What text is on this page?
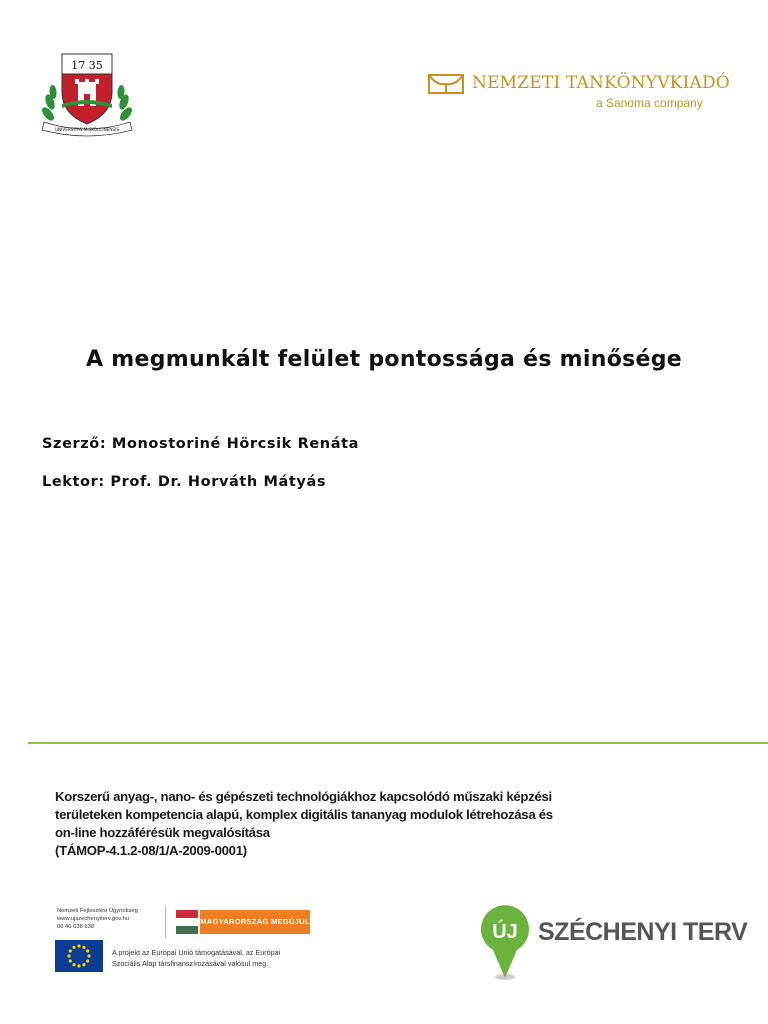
17 35
UNIVERSITAS MISKOLCINENSIS
NEMZETI TANKÖNYVKIADÓ
a Sanoma company
A megmunkált felület pontossága és minősége
Szerző: Monostoriné Hörcsik Renáta
Lektor: Prof. Dr. Horváth Mátyás
Korszerű anyag-, nano- és gépészeti technológiákhoz kapcsolódó műszaki képzési
területeken kompetencia alapú, komplex digitális tananyag modulok létrehozása és
on-line hozzáférésük megvalósítása
(TÁMOP-4.1.2-08/1/A-2009-0001)
Nemzeti Fejlesztési Ügynökség
www.ujszechenyiterv.gov.hu
06 40 638 638
MAGYARORSZÁG MEGÚJUL
A projekt az Európai Unió támogatásával, az Európai
Szociális Alap társfinanszírozásával valósul meg.
ÚJ SZÉCHENYI TERV
